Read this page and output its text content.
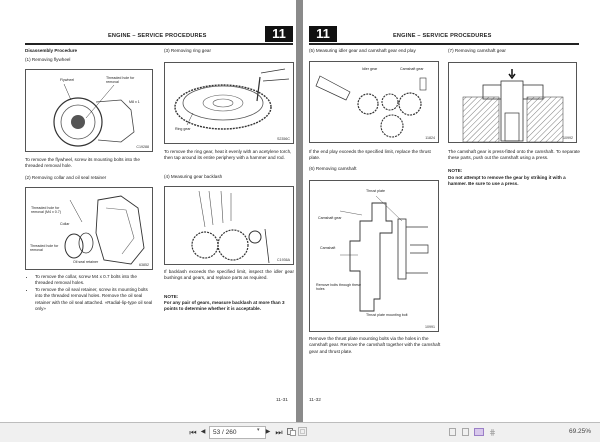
ENGINE – SERVICE PROCEDURES	11
Disassembly Procedure
(1) Removing flywheel
Flywheel	Threaded hole for removal
M8 x 1
C19288
To remove the flywheel, screw its mounting bolts into the threaded removal hole.
(2) Removing collar and oil seal retainer
Threaded hole for removal (M4 x 0.7)
Collar
Threaded hole for removal
Oil seal retainer
63852
• To remove the collar, screw M4 x 0.7 bolts into the threaded removal holes.
• To remove the oil seal retainer, screw its mounting bolts into the threaded removal holes. Remove the oil seal retainer with the oil seal attached. «Radial-lip-type oil seal only»
(3) Removing ring gear
Ring gear
S2356C
To remove the ring gear, heat it evenly with an acetylene torch, then tap around its entire periphery with a hammer and rod.
(4) Measuring gear backlash
C1936A
If backlash exceeds the specified limit, inspect the idler gear bushings and gears, and replace parts as required.
NOTE:
For any pair of gears, measure backlash at more than 3 points to determine whether it is acceptable.
11-31
11	ENGINE – SERVICE PROCEDURES
(5) Measuring idler gear and camshaft gear end play
Idler gear	Camshaft gear
11824
If the end play exceeds the specified limit, replace the thrust plate.
(6) Removing camshaft
Thrust plate
Camshaft gear
Camshaft
Remove bolts through these holes
Thrust plate mounting bolt
10991
Remove the thrust plate mounting bolts via the holes in the camshaft gear. Remove the camshaft together with the camshaft gear and thrust plate.
11-32
(7) Removing camshaft gear
10992
The camshaft gear is press-fitted onto the camshaft. To separate these parts, push out the camshaft using a press.
NOTE:
Do not attempt to remove the gear by striking it with a hammer. Be sure to use a press.
⏮ ◀	53 / 260	▾ ▶ ⏭	⋕	69.25%
